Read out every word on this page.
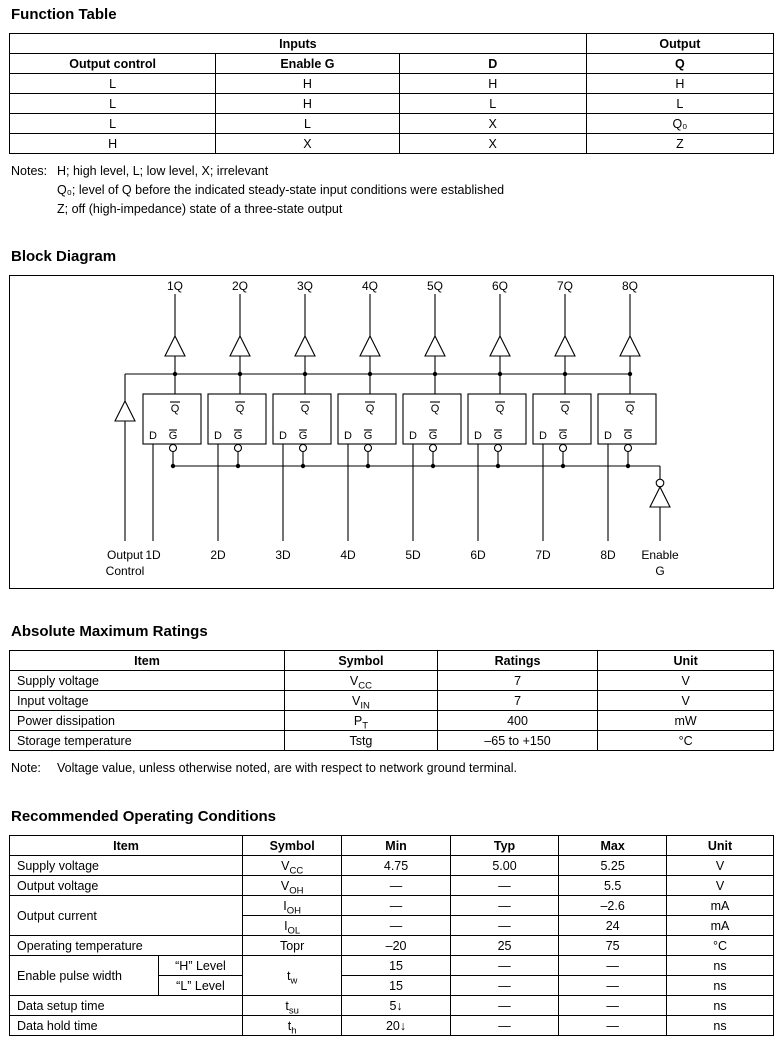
Function Table
Inputs			Output
Output control	Enable G	D	Q
L	H	H	H
L	H	L	L
L	L	X	Q₀
H	X	X	Z
Notes: H; high level, L; low level, X; irrelevant
Q₀; level of Q before the indicated steady-state input conditions were established
Z; off (high-impedance) state of a three-state output
Block Diagram
Output
Control
Enable
G
1Q
Q
D G
1D
2Q
Q
D G
2D
3Q
Q
D G
3D
4Q
Q
D G
4D
5Q
Q
D G
5D
6Q
Q
D G
6D
7Q
Q
D G
7D
8Q
Q
D G
8D
Absolute Maximum Ratings
Item	Symbol	Ratings	Unit
Supply voltage	$V_{CC}$	7	V
Input voltage	$V_{IN}$	7	V
Power dissipation	$P_T$	400	mW
Storage temperature	Tstg	–65 to +150	°C
Note: Voltage value, unless otherwise noted, are with respect to network ground terminal.
Recommended Operating Conditions
Item		Symbol	Min	Typ	Max	Unit
Supply voltage		$V_{CC}$	4.75	5.00	5.25	V
Output voltage		$V_{OH}$	—	—	5.5	V
Output current		$I_{OH}$	—	—	–2.6	mA
		$I_{OL}$	—	—	24	mA
Operating temperature		Topr	–20	25	75	°C
Enable pulse width	“H” Level	$t_w$	15	—	—	ns
	“L” Level		15	—	—	ns
Data setup time		$t_{su}$	5↓	—	—	ns
Data hold time		$t_h$	20↓	—	—	ns
